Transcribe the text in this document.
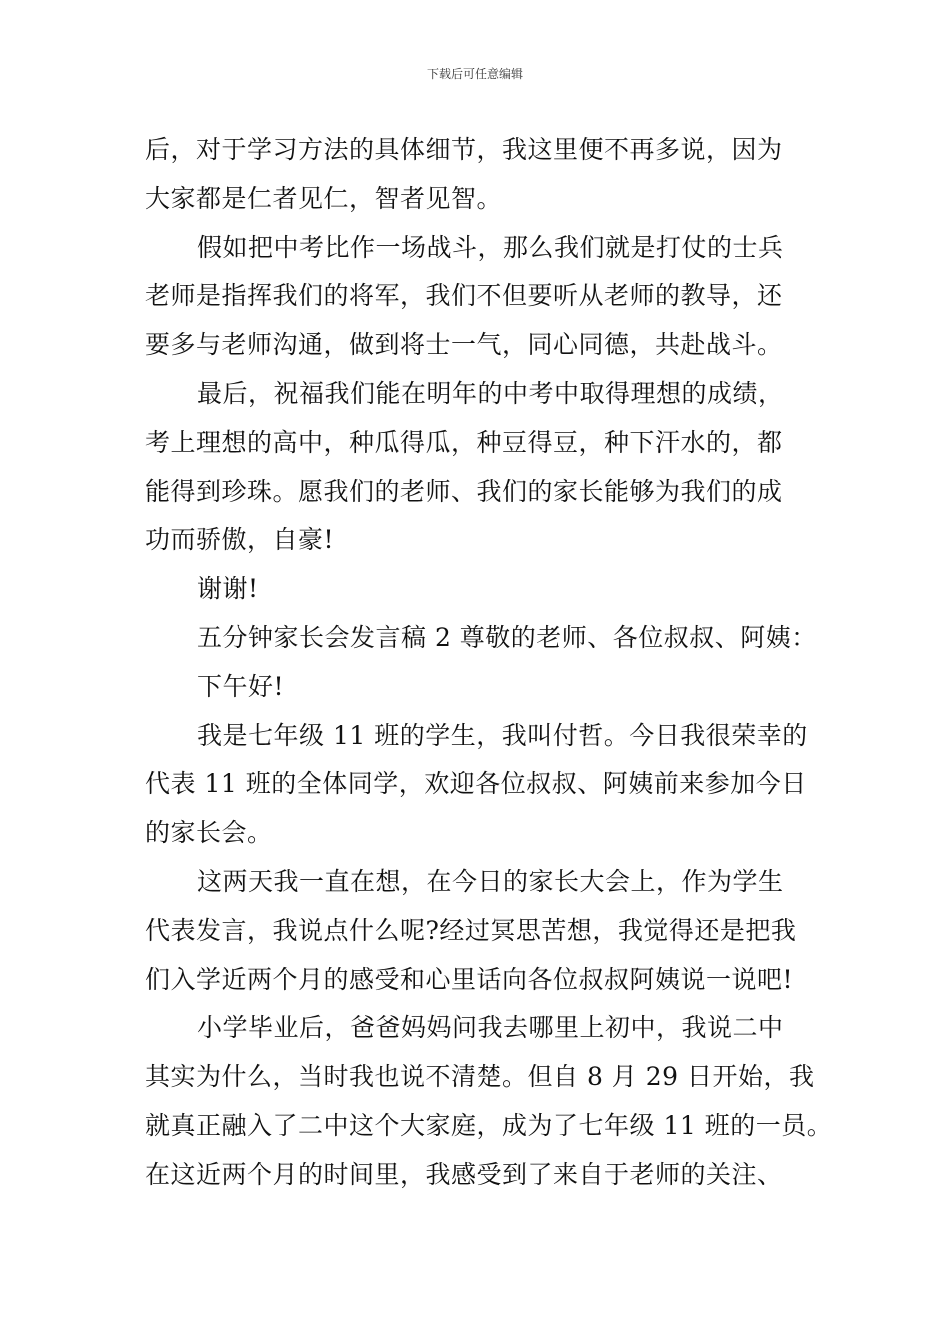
下载后可任意编辑
后，对于学习方法的具体细节，我这里便不再多说，因为
大家都是仁者见仁，智者见智。
假如把中考比作一场战斗，那么我们就是打仗的士兵
老师是指挥我们的将军，我们不但要听从老师的教导，还
要多与老师沟通，做到将士一气，同心同德，共赴战斗。
最后，祝福我们能在明年的中考中取得理想的成绩，
考上理想的高中，种瓜得瓜，种豆得豆，种下汗水的，都
能得到珍珠。愿我们的老师、我们的家长能够为我们的成
功而骄傲，自豪!
谢谢!
五分钟家长会发言稿 2 尊敬的老师、各位叔叔、阿姨：
下午好!
我是七年级 11 班的学生，我叫付哲。今日我很荣幸的
代表 11 班的全体同学，欢迎各位叔叔、阿姨前来参加今日
的家长会。
这两天我一直在想，在今日的家长大会上，作为学生
代表发言，我说点什么呢?经过冥思苦想，我觉得还是把我
们入学近两个月的感受和心里话向各位叔叔阿姨说一说吧!
小学毕业后，爸爸妈妈问我去哪里上初中，我说二中
其实为什么，当时我也说不清楚。但自 8 月 29 日开始，我
就真正融入了二中这个大家庭，成为了七年级 11 班的一员。
在这近两个月的时间里，我感受到了来自于老师的关注、
